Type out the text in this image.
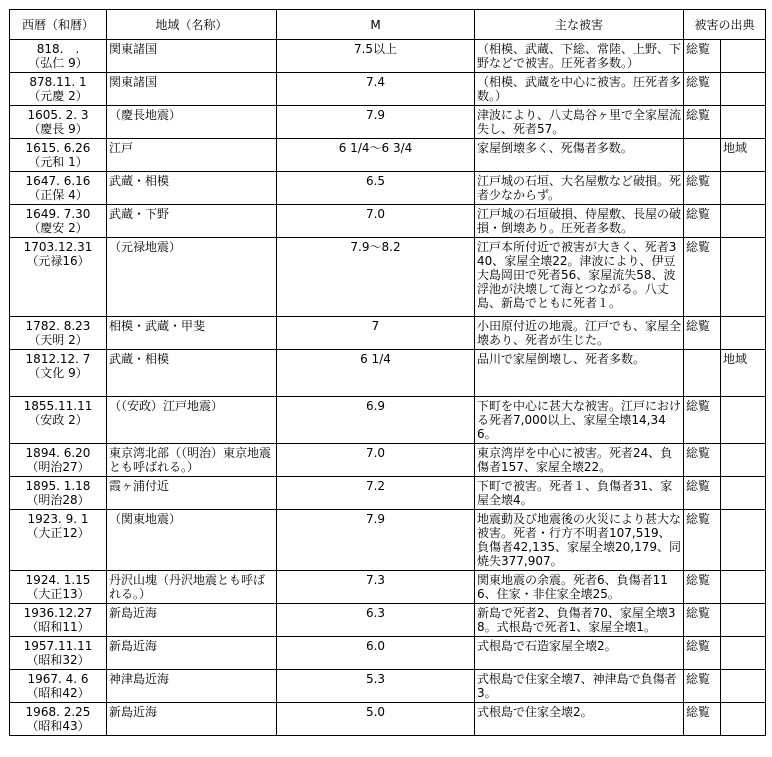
西暦（和暦）	地域（名称）	M	主な被害	被害の出典	
818.　.
（弘仁 9）	関東諸国	7.5以上	（相模、武蔵、下総、常陸、上野、下野などで被害。圧死者多数。）	総覧	
878.11. 1
（元慶 2）	関東諸国	7.4	（相模、武蔵を中心に被害。圧死者多数。）	総覧	
1605. 2. 3
（慶長 9）	（慶長地震）	7.9	津波により、八丈島谷ヶ里で全家屋流失し、死者57。	総覧	
1615. 6.26
（元和 1）	江戸	6 1/4～6 3/4	家屋倒壊多く、死傷者多数。		地域
1647. 6.16
（正保 4）	武蔵・相模	6.5	江戸城の石垣、大名屋敷など破損。死者少なからず。	総覧	
1649. 7.30
（慶安 2）	武蔵・下野	7.0	江戸城の石垣破損、侍屋敷、長屋の破損・倒壊あり。圧死者多数。	総覧	
1703.12.31
（元禄16）	（元禄地震）	7.9～8.2	江戸本所付近で被害が大きく、死者340、家屋全壊22。津波により、伊豆大島岡田で死者56、家屋流失58、波浮池が決壊して海とつながる。八丈島、新島でともに死者１。	総覧	
1782. 8.23
（天明 2）	相模・武蔵・甲斐	7	小田原付近の地震。江戸でも、家屋全壊あり、死者が生じた。	総覧	
1812.12. 7
（文化 9）	武蔵・相模	6 1/4	品川で家屋倒壊し、死者多数。		地域
1855.11.11
（安政 2）	（（安政）江戸地震）	6.9	下町を中心に甚大な被害。江戸における死者7,000以上、家屋全壊14,346。	総覧	
1894. 6.20
（明治27）	東京湾北部（（明治）東京地震とも呼ばれる。）	7.0	東京湾岸を中心に被害。死者24、負傷者157、家屋全壊22。	総覧	
1895. 1.18
（明治28）	霞ヶ浦付近	7.2	下町で被害。死者１、負傷者31、家屋全壊4。	総覧	
1923. 9. 1
（大正12）	（関東地震）	7.9	地震動及び地震後の火災により甚大な被害。死者・行方不明者107,519、負傷者42,135、家屋全壊20,179、同焼失377,907。	総覧	
1924. 1.15
（大正13）	丹沢山塊（丹沢地震とも呼ばれる。）	7.3	関東地震の余震。死者6、負傷者116、住家・非住家全壊25。	総覧	
1936.12.27
（昭和11）	新島近海	6.3	新島で死者2、負傷者70、家屋全壊38。式根島で死者1、家屋全壊1。	総覧	
1957.11.11
（昭和32）	新島近海	6.0	式根島で石造家屋全壊2。	総覧	
1967. 4. 6
（昭和42）	神津島近海	5.3	式根島で住家全壊7、神津島で負傷者3。	総覧	
1968. 2.25
（昭和43）	新島近海	5.0	式根島で住家全壊2。	総覧	
